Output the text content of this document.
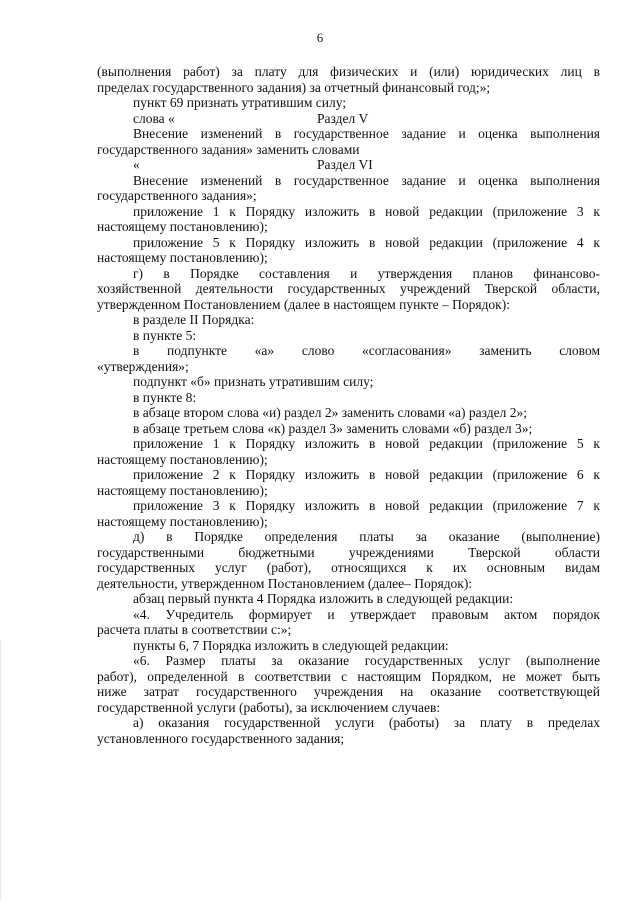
6
(выполнения работ) за плату для физических и (или) юридических лиц в
пределах государственного задания) за отчетный финансовый год;»;
пункт 69 признать утратившим силу;
слова «	Раздел V
Внесение изменений в государственное задание и оценка выполнения
государственного задания» заменить словами
«	Раздел VI
Внесение изменений в государственное задание и оценка выполнения
государственного задания»;
приложение 1 к Порядку изложить в новой редакции (приложение 3 к
настоящему постановлению);
приложение 5 к Порядку изложить в новой редакции (приложение 4 к
настоящему постановлению);
г) в Порядке составления и утверждения планов финансово-
хозяйственной деятельности государственных учреждений Тверской области,
утвержденном Постановлением (далее в настоящем пункте – Порядок):
в разделе II Порядка:
в пункте 5:
в подпункте «а» слово «согласования» заменить словом
«утверждения»;
подпункт «б» признать утратившим силу;
в пункте 8:
в абзаце втором слова «и) раздел 2» заменить словами «а) раздел 2»;
в абзаце третьем слова «к) раздел 3» заменить словами «б) раздел 3»;
приложение 1 к Порядку изложить в новой редакции (приложение 5 к
настоящему постановлению);
приложение 2 к Порядку изложить в новой редакции (приложение 6 к
настоящему постановлению);
приложение 3 к Порядку изложить в новой редакции (приложение 7 к
настоящему постановлению);
д) в Порядке определения платы за оказание (выполнение)
государственными бюджетными учреждениями Тверской области
государственных услуг (работ), относящихся к их основным видам
деятельности, утвержденном Постановлением (далее– Порядок):
абзац первый пункта 4 Порядка изложить в следующей редакции:
«4. Учредитель формирует и утверждает правовым актом порядок
расчета платы в соответствии с:»;
пункты 6, 7 Порядка изложить в следующей редакции:
«6. Размер платы за оказание государственных услуг (выполнение
работ), определенной в соответствии с настоящим Порядком, не может быть
ниже затрат государственного учреждения на оказание соответствующей
государственной услуги (работы), за исключением случаев:
а) оказания государственной услуги (работы) за плату в пределах
установленного государственного задания;
